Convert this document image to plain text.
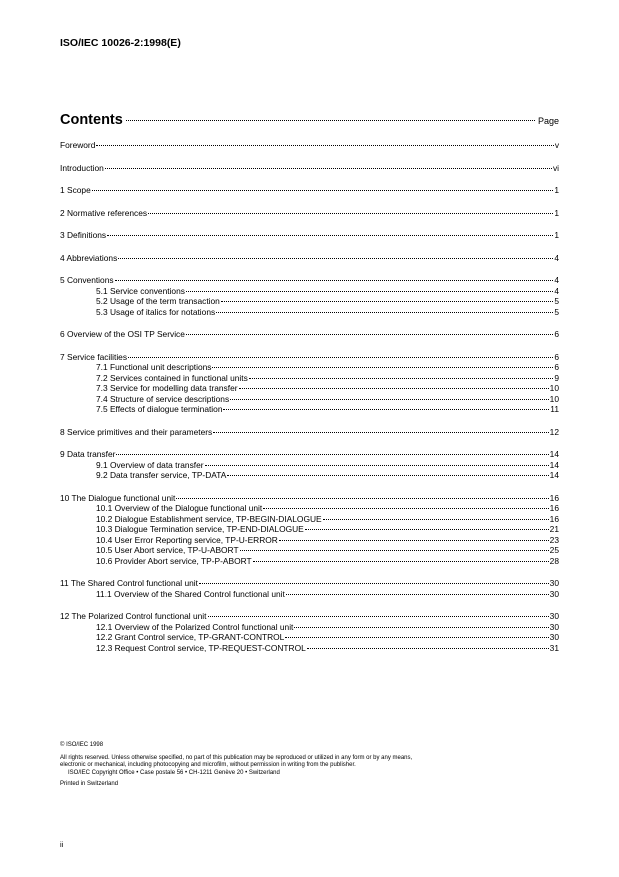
ISO/IEC 10026-2:1998(E)
Contents	Page
Foreword	v
Introduction	vi
1 Scope	1
2 Normative references	1
3 Definitions	1
4 Abbreviations	4
5 Conventions	4
5.1 Service conventions	4
5.2 Usage of the term transaction	5
5.3 Usage of italics for notations	5
6 Overview of the OSI TP Service	6
7 Service facilities	6
7.1 Functional unit descriptions	6
7.2 Services contained in functional units	9
7.3 Service for modelling data transfer	10
7.4 Structure of service descriptions	10
7.5 Effects of dialogue termination	11
8 Service primitives and their parameters	12
9 Data transfer	14
9.1 Overview of data transfer	14
9.2 Data transfer service, TP-DATA	14
10 The Dialogue functional unit	16
10.1 Overview of the Dialogue functional unit	16
10.2 Dialogue Establishment service, TP-BEGIN-DIALOGUE	16
10.3 Dialogue Termination service, TP-END-DIALOGUE	21
10.4 User Error Reporting service, TP-U-ERROR	23
10.5 User Abort service, TP-U-ABORT	25
10.6 Provider Abort service, TP-P-ABORT	28
11 The Shared Control functional unit	30
11.1 Overview of the Shared Control functional unit	30
12 The Polarized Control functional unit	30
12.1 Overview of the Polarized Control functional unit	30
12.2 Grant Control service, TP-GRANT-CONTROL	30
12.3 Request Control service, TP-REQUEST-CONTROL	31
© ISO/IEC 1998
All rights reserved. Unless otherwise specified, no part of this publication may be reproduced or utilized in any form or by any means, electronic or mechanical, including photocopying and microfilm, without permission in writing from the publisher.
ISO/IEC Copyright Office • Case postale 56 • CH-1211 Genève 20 • Switzerland
Printed in Switzerland
ii
